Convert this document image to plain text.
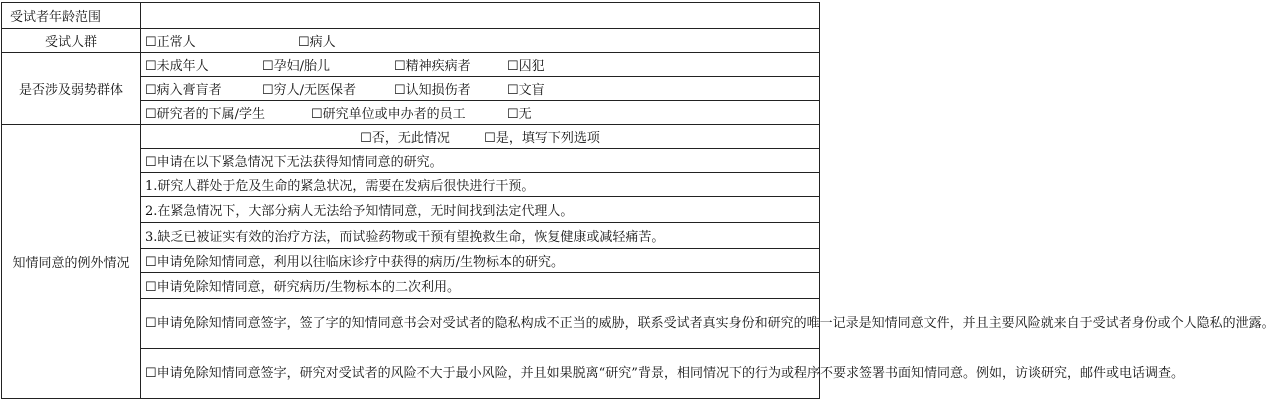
受试者年龄范围	
受试人群	☐正常人 ☐病人
是否涉及弱势群体	☐未成年人 ☐孕妇/胎儿 ☐精神疾病者 ☐囚犯
	☐病入膏肓者 ☐穷人/无医保者 ☐认知损伤者 ☐文盲
	☐研究者的下属/学生 ☐研究单位或申办者的员工 ☐无
知情同意的例外情况	☐否，无此情况 ☐是，填写下列选项
	☐申请在以下紧急情况下无法获得知情同意的研究。
	1.研究人群处于危及生命的紧急状况，需要在发病后很快进行干预。
	2.在紧急情况下，大部分病人无法给予知情同意，无时间找到法定代理人。
	3.缺乏已被证实有效的治疗方法，而试验药物或干预有望挽救生命，恢复健康或减轻痛苦。
	☐申请免除知情同意，利用以往临床诊疗中获得的病历/生物标本的研究。
	☐申请免除知情同意，研究病历/生物标本的二次利用。
	☐申请免除知情同意签字，签了字的知情同意书会对受试者的隐私构成不正当的威胁，联系受试者真实身份和研究的唯一记录是知情同意文件，并且主要风险就来自于受试者身份或个人隐私的泄露。
	☐申请免除知情同意签字，研究对受试者的风险不大于最小风险，并且如果脱离“研究”背景，相同情况下的行为或程序不要求签署书面知情同意。例如，访谈研究，邮件或电话调查。
